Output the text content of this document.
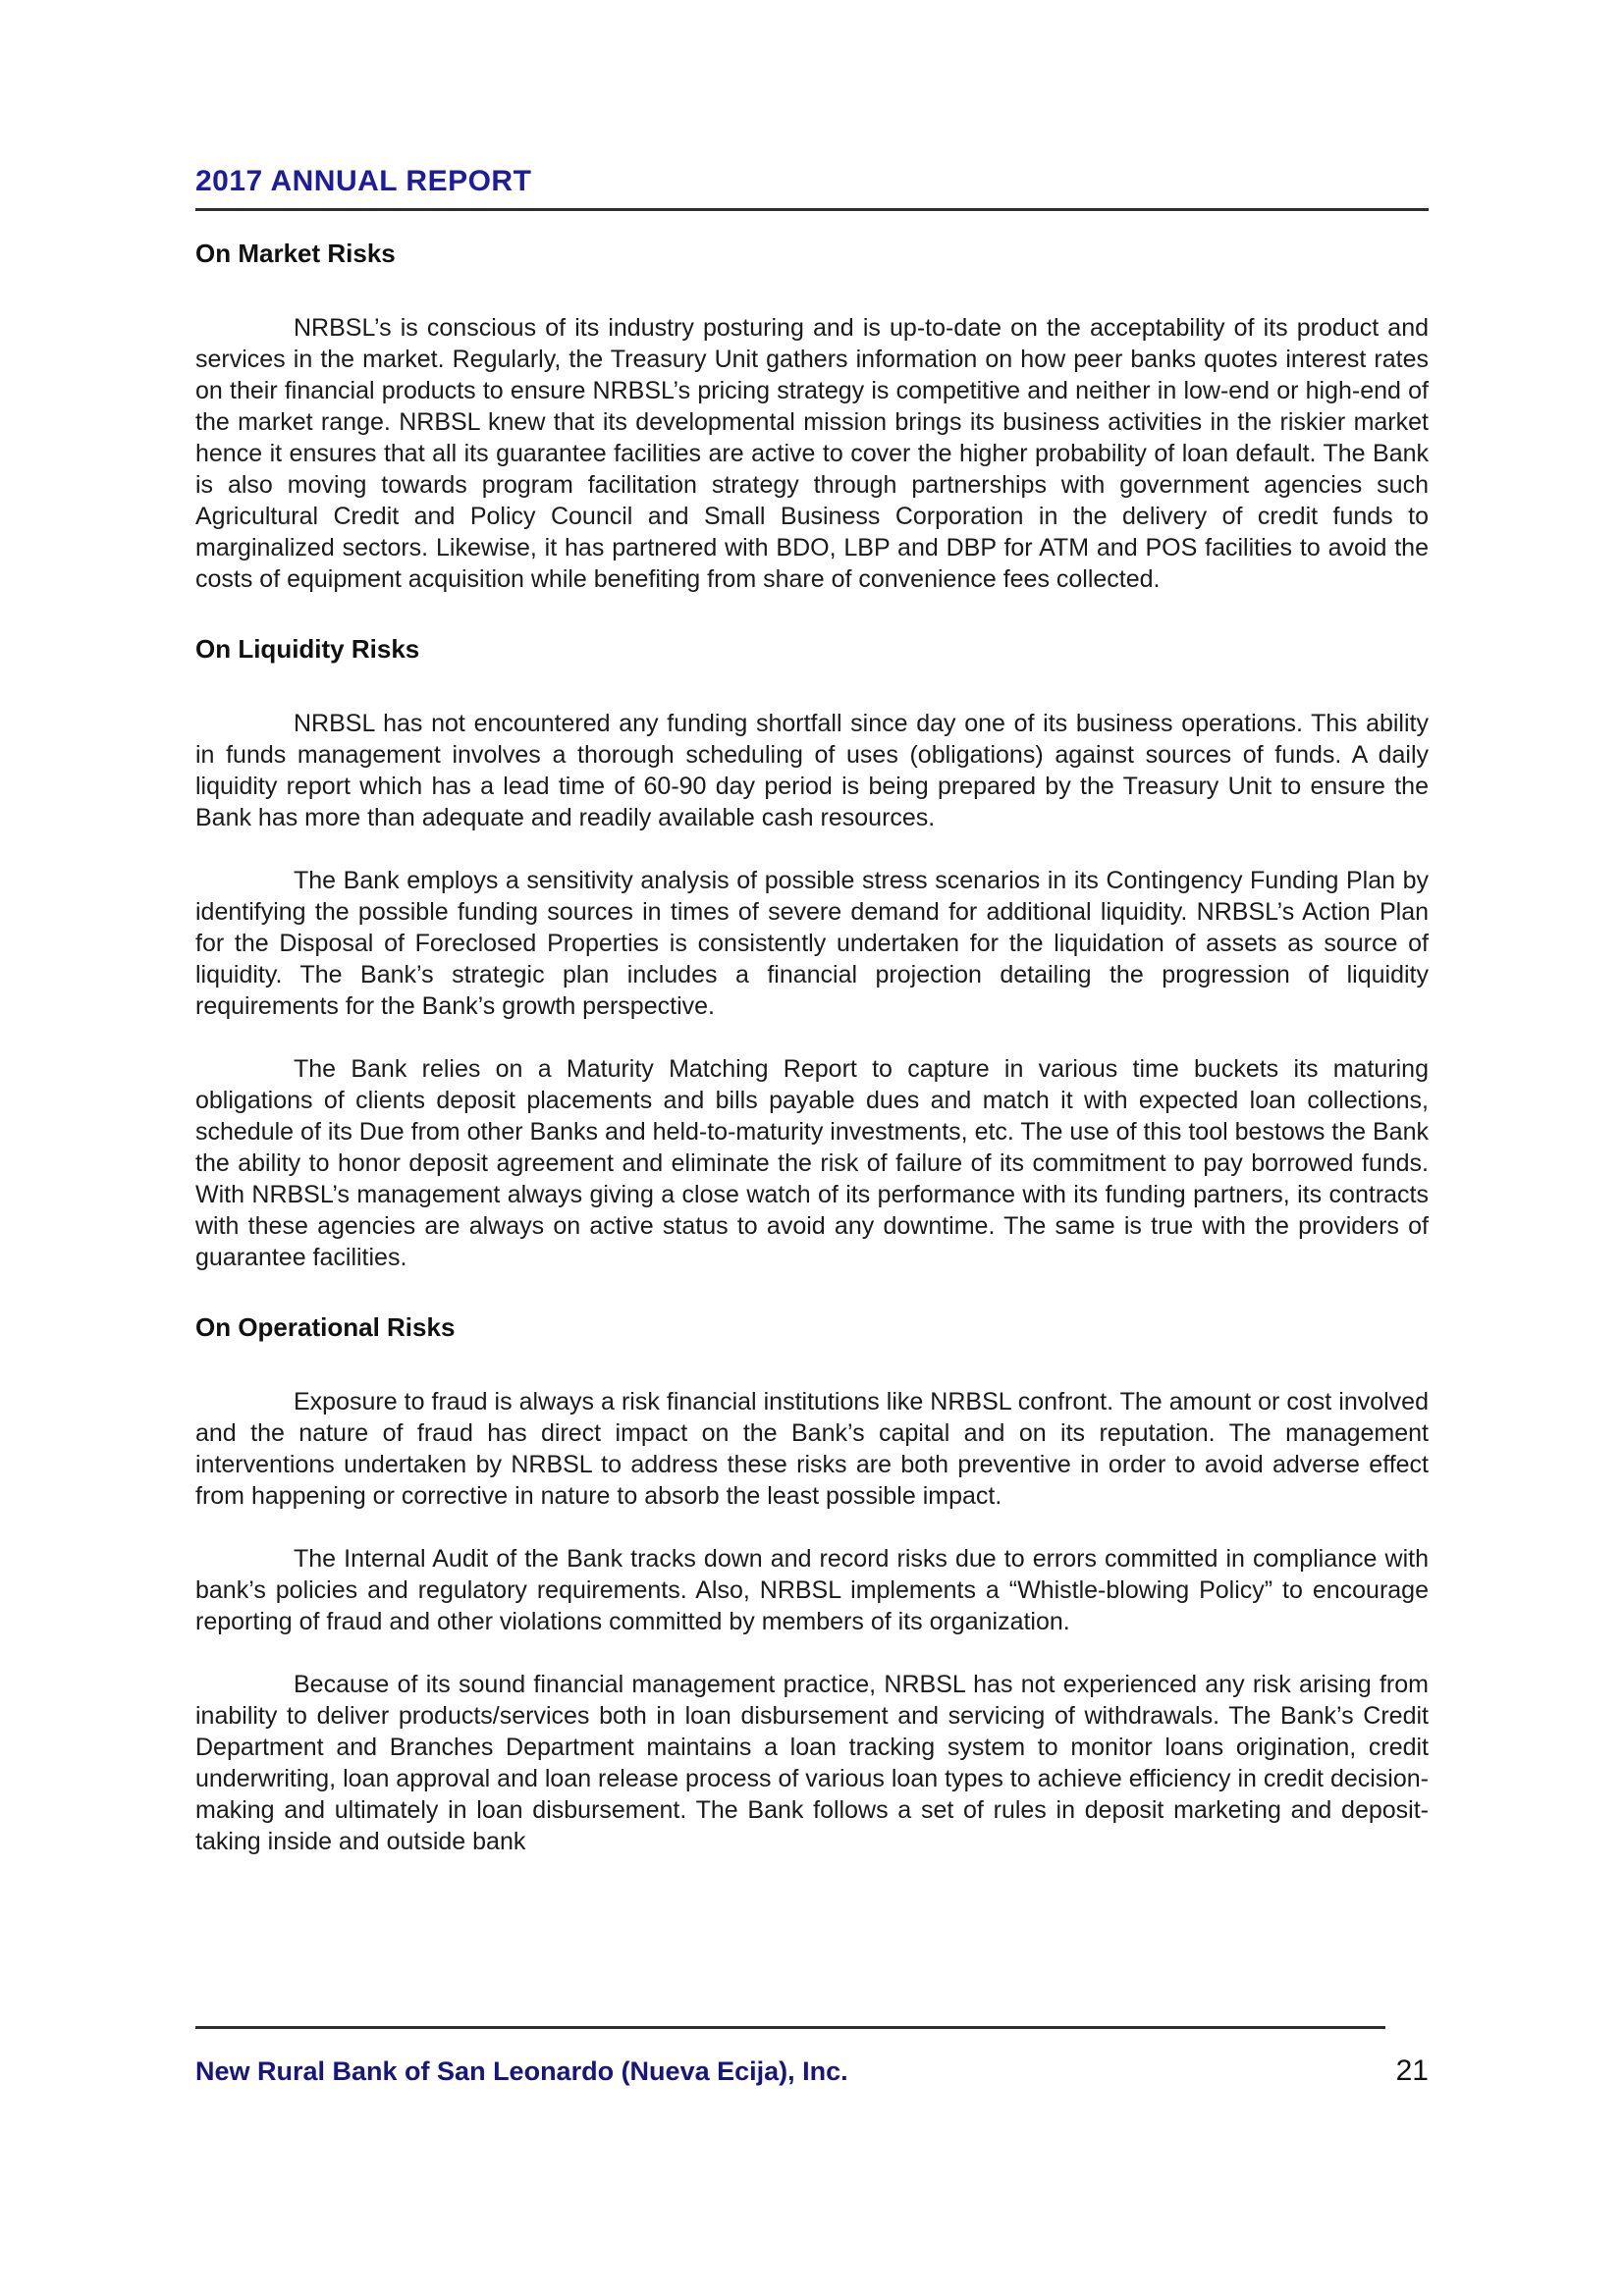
2017 ANNUAL REPORT

On Market Risks

NRBSL’s is conscious of its industry posturing and is up-to-date on the acceptability of its product and services in the market. Regularly, the Treasury Unit gathers information on how peer banks quotes interest rates on their financial products to ensure NRBSL’s pricing strategy is competitive and neither in low-end or high-end of the market range. NRBSL knew that its developmental mission brings its business activities in the riskier market hence it ensures that all its guarantee facilities are active to cover the higher probability of loan default. The Bank is also moving towards program facilitation strategy through partnerships with government agencies such Agricultural Credit and Policy Council and Small Business Corporation in the delivery of credit funds to marginalized sectors. Likewise, it has partnered with BDO, LBP and DBP for ATM and POS facilities to avoid the costs of equipment acquisition while benefiting from share of convenience fees collected.

On Liquidity Risks

NRBSL has not encountered any funding shortfall since day one of its business operations. This ability in funds management involves a thorough scheduling of uses (obligations) against sources of funds. A daily liquidity report which has a lead time of 60-90 day period is being prepared by the Treasury Unit to ensure the Bank has more than adequate and readily available cash resources.

The Bank employs a sensitivity analysis of possible stress scenarios in its Contingency Funding Plan by identifying the possible funding sources in times of severe demand for additional liquidity. NRBSL’s Action Plan for the Disposal of Foreclosed Properties is consistently undertaken for the liquidation of assets as source of liquidity. The Bank’s strategic plan includes a financial projection detailing the progression of liquidity requirements for the Bank’s growth perspective.

The Bank relies on a Maturity Matching Report to capture in various time buckets its maturing obligations of clients deposit placements and bills payable dues and match it with expected loan collections, schedule of its Due from other Banks and held-to-maturity investments, etc. The use of this tool bestows the Bank the ability to honor deposit agreement and eliminate the risk of failure of its commitment to pay borrowed funds. With NRBSL’s management always giving a close watch of its performance with its funding partners, its contracts with these agencies are always on active status to avoid any downtime. The same is true with the providers of guarantee facilities.

On Operational Risks

Exposure to fraud is always a risk financial institutions like NRBSL confront. The amount or cost involved and the nature of fraud has direct impact on the Bank’s capital and on its reputation. The management interventions undertaken by NRBSL to address these risks are both preventive in order to avoid adverse effect from happening or corrective in nature to absorb the least possible impact.

The Internal Audit of the Bank tracks down and record risks due to errors committed in compliance with bank’s policies and regulatory requirements. Also, NRBSL implements a “Whistle-blowing Policy” to encourage reporting of fraud and other violations committed by members of its organization.

Because of its sound financial management practice, NRBSL has not experienced any risk arising from inability to deliver products/services both in loan disbursement and servicing of withdrawals. The Bank’s Credit Department and Branches Department maintains a loan tracking system to monitor loans origination, credit underwriting, loan approval and loan release process of various loan types to achieve efficiency in credit decision-making and ultimately in loan disbursement. The Bank follows a set of rules in deposit marketing and deposit- taking inside and outside bank

New Rural Bank of San Leonardo (Nueva Ecija), Inc.	21
